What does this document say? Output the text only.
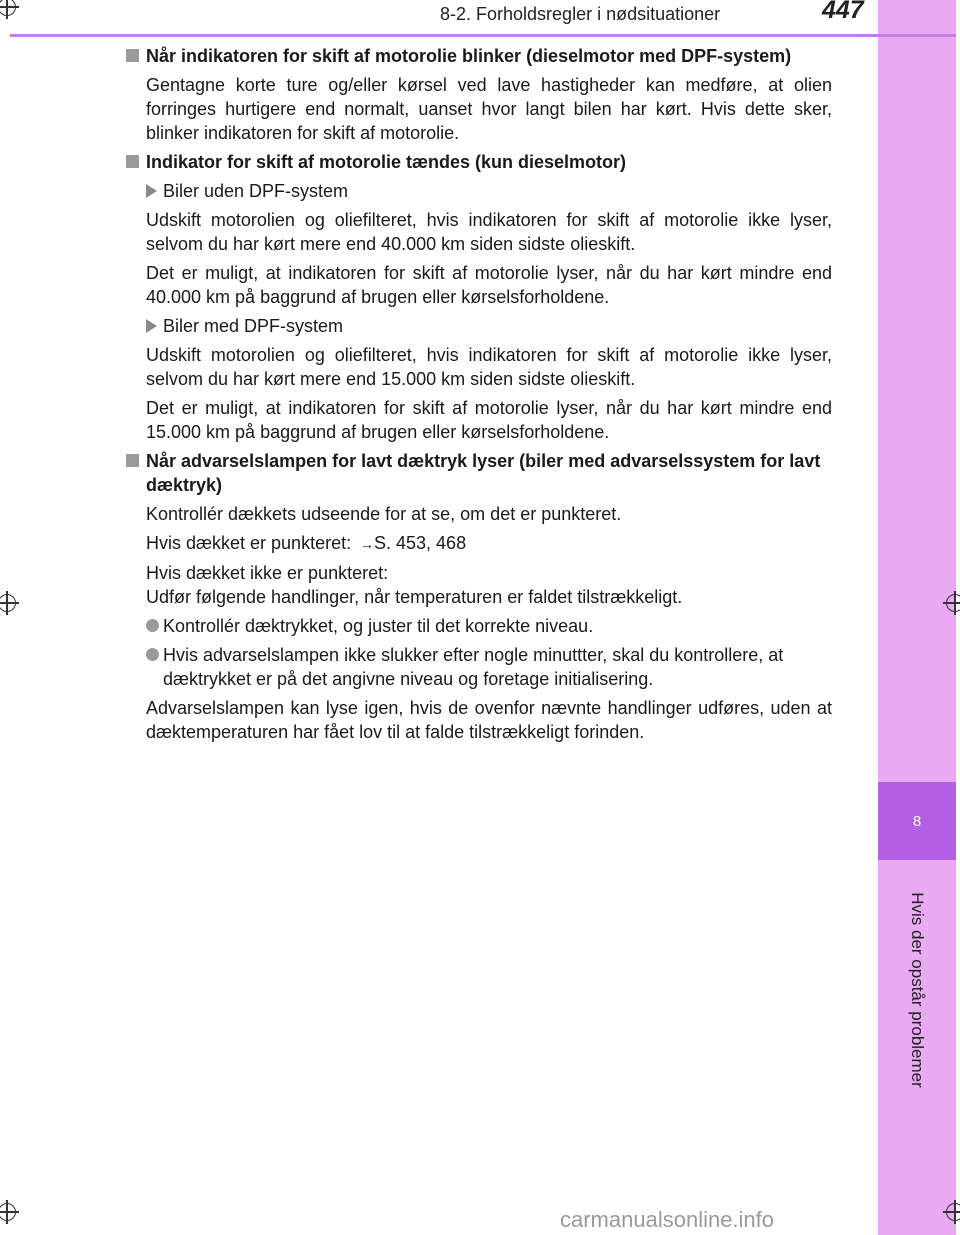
8
Hvis der opstår problemer
8-2. Forholdsregler i nødsituationer	447
Når indikatoren for skift af motorolie blinker (dieselmotor med DPF-system)
Gentagne korte ture og/eller kørsel ved lave hastigheder kan medføre, at olien forringes hurtigere end normalt, uanset hvor langt bilen har kørt. Hvis dette sker, blinker indikatoren for skift af motorolie.
Indikator for skift af motorolie tændes (kun dieselmotor)
Biler uden DPF-system
Udskift motorolien og oliefilteret, hvis indikatoren for skift af motorolie ikke lyser, selvom du har kørt mere end 40.000 km siden sidste olieskift.
Det er muligt, at indikatoren for skift af motorolie lyser, når du har kørt mindre end 40.000 km på baggrund af brugen eller kørselsforholdene.
Biler med DPF-system
Udskift motorolien og oliefilteret, hvis indikatoren for skift af motorolie ikke lyser, selvom du har kørt mere end 15.000 km siden sidste olieskift.
Det er muligt, at indikatoren for skift af motorolie lyser, når du har kørt mindre end 15.000 km på baggrund af brugen eller kørselsforholdene.
Når advarselslampen for lavt dæktryk lyser (biler med advarselssystem for lavt dæktryk)
Kontrollér dækkets udseende for at se, om det er punkteret.
Hvis dækket er punkteret:  →S. 453, 468
Hvis dækket ikke er punkteret:
Udfør følgende handlinger, når temperaturen er faldet tilstrækkeligt.
Kontrollér dæktrykket, og juster til det korrekte niveau.
Hvis advarselslampen ikke slukker efter nogle minuttter, skal du kontrollere, at dæktrykket er på det angivne niveau og foretage initialisering.
Advarselslampen kan lyse igen, hvis de ovenfor nævnte handlinger udføres, uden at dæktemperaturen har fået lov til at falde tilstrækkeligt forinden.
carmanualsonline.info
